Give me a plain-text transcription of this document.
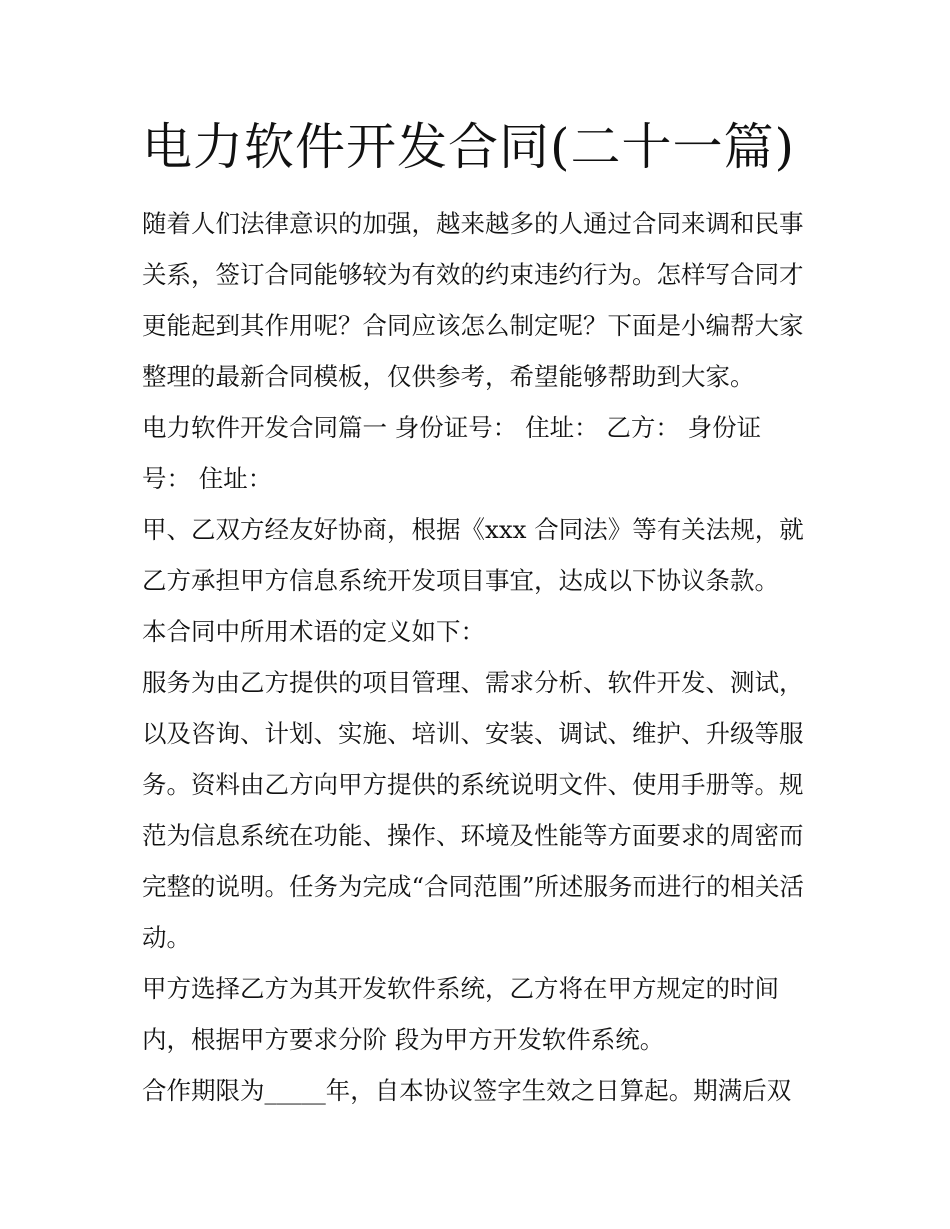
电力软件开发合同(二十一篇)
随着人们法律意识的加强，越来越多的人通过合同来调和民事
关系，签订合同能够较为有效的约束违约行为。怎样写合同才
更能起到其作用呢？合同应该怎么制定呢？下面是小编帮大家
整理的最新合同模板，仅供参考，希望能够帮助到大家。
电力软件开发合同篇一 身份证号： 住址： 乙方： 身份证
号： 住址：
甲、乙双方经友好协商，根据《xxx 合同法》等有关法规，就
乙方承担甲方信息系统开发项目事宜，达成以下协议条款。
本合同中所用术语的定义如下：
服务为由乙方提供的项目管理、需求分析、软件开发、测试，
以及咨询、计划、实施、培训、安装、调试、维护、升级等服
务。资料由乙方向甲方提供的系统说明文件、使用手册等。规
范为信息系统在功能、操作、环境及性能等方面要求的周密而
完整的说明。任务为完成“合同范围”所述服务而进行的相关活
动。
甲方选择乙方为其开发软件系统，乙方将在甲方规定的时间
内，根据甲方要求分阶 段为甲方开发软件系统。
合作期限为_____年，自本协议签字生效之日算起。期满后双
